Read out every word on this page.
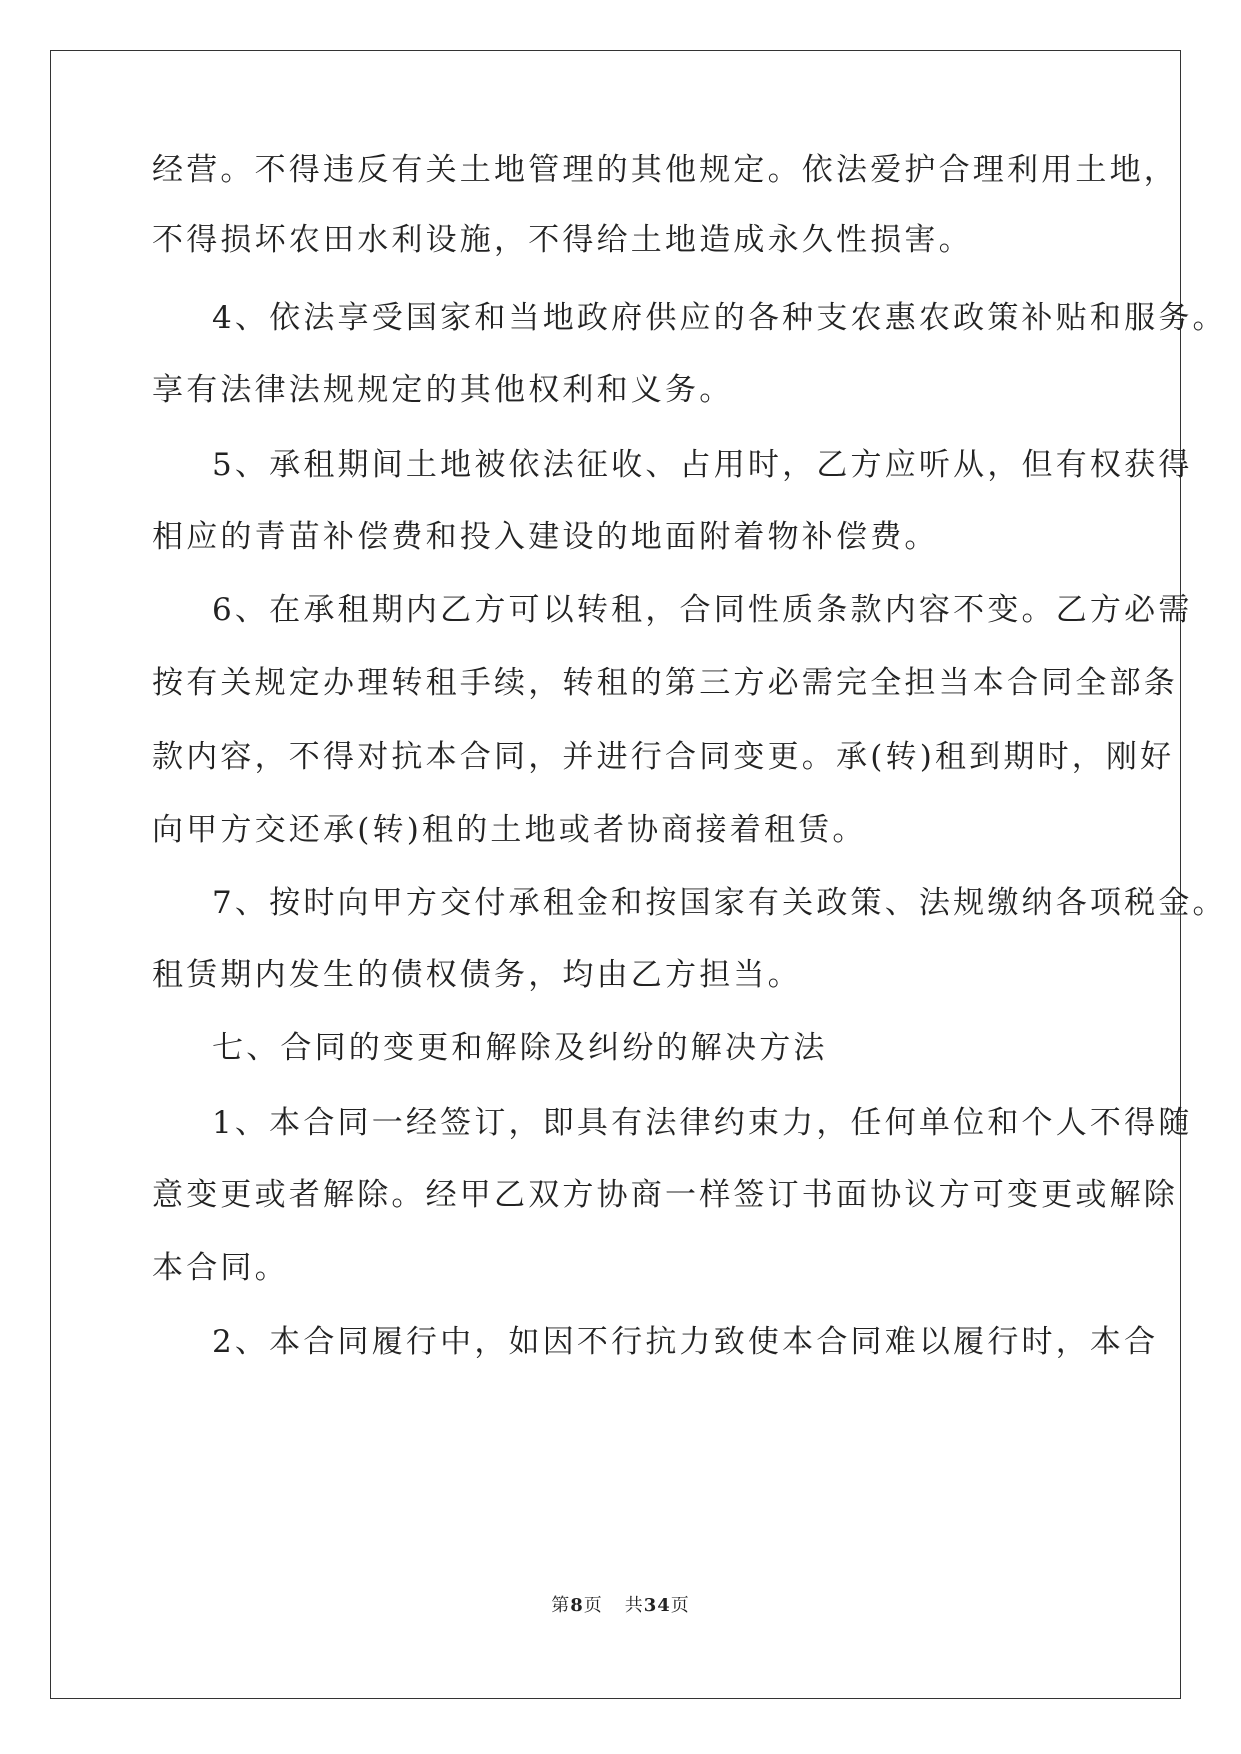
经营。不得违反有关土地管理的其他规定。依法爱护合理利用土地，
不得损坏农田水利设施，不得给土地造成永久性损害。
4、依法享受国家和当地政府供应的各种支农惠农政策补贴和服务。
享有法律法规规定的其他权利和义务。
5、承租期间土地被依法征收、占用时，乙方应听从，但有权获得
相应的青苗补偿费和投入建设的地面附着物补偿费。
6、在承租期内乙方可以转租，合同性质条款内容不变。乙方必需
按有关规定办理转租手续，转租的第三方必需完全担当本合同全部条
款内容，不得对抗本合同，并进行合同变更。承(转)租到期时，刚好
向甲方交还承(转)租的土地或者协商接着租赁。
7、按时向甲方交付承租金和按国家有关政策、法规缴纳各项税金。
租赁期内发生的债权债务，均由乙方担当。
七、合同的变更和解除及纠纷的解决方法
1、本合同一经签订，即具有法律约束力，任何单位和个人不得随
意变更或者解除。经甲乙双方协商一样签订书面协议方可变更或解除
本合同。
2、本合同履行中，如因不行抗力致使本合同难以履行时，本合
第8页 共34页
